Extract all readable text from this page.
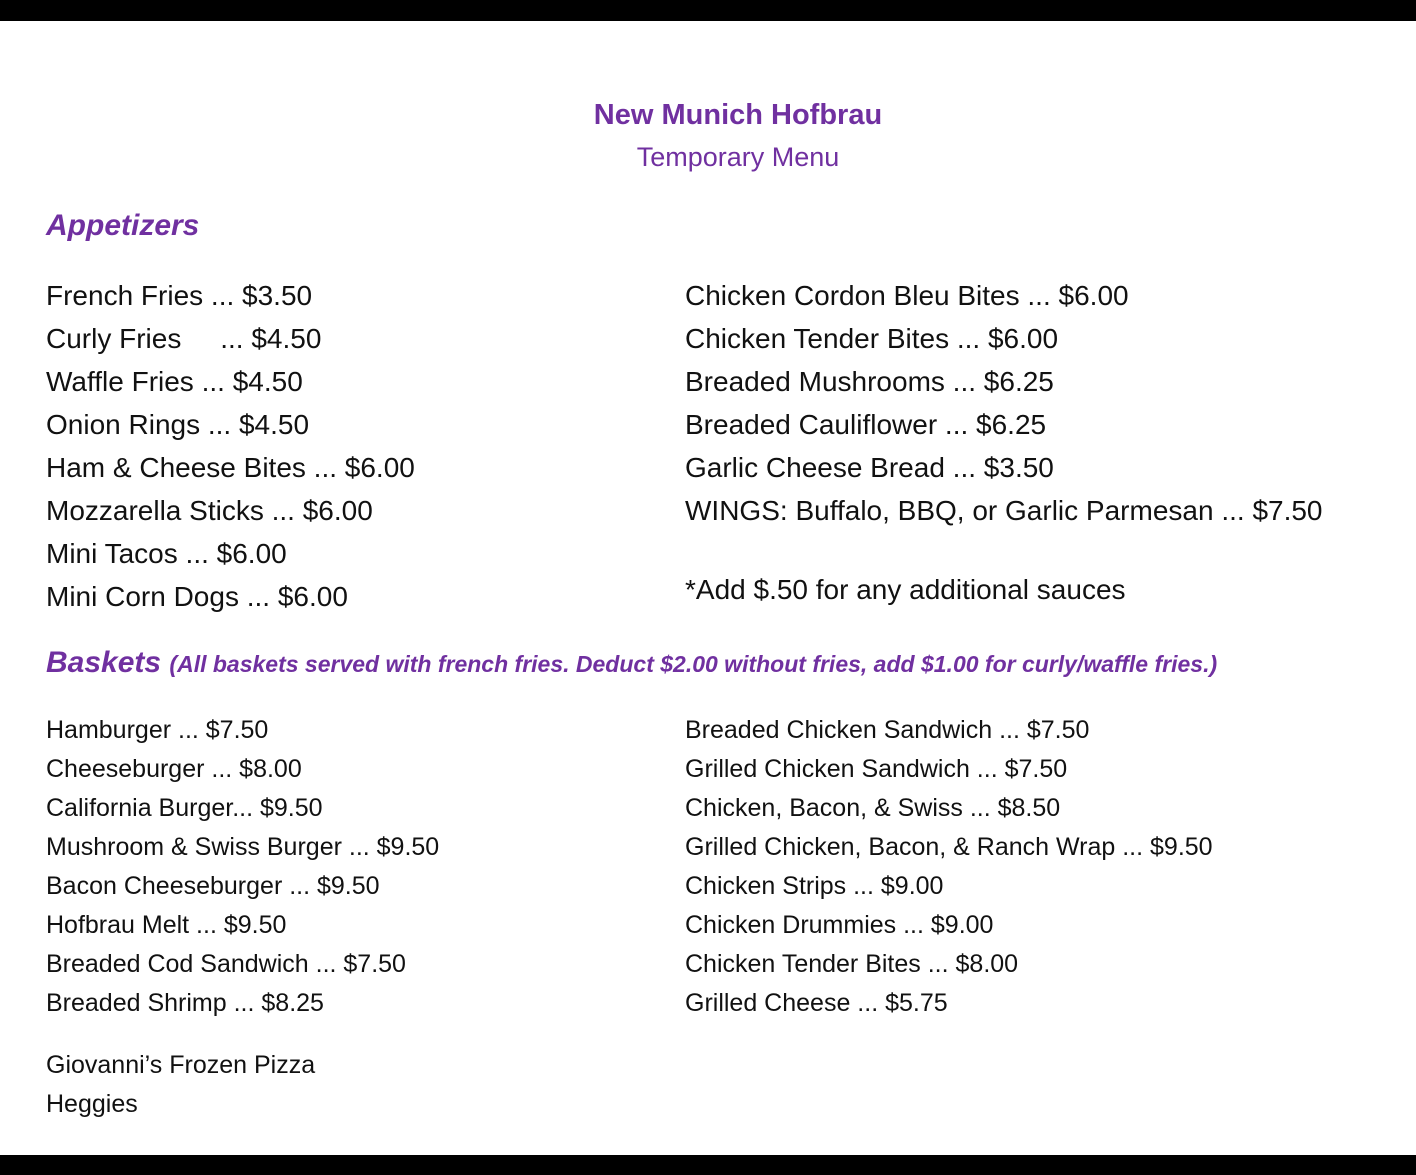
New Munich Hofbrau
Temporary Menu
Appetizers
French Fries ... $3.50
Curly Fries     ... $4.50
Waffle Fries ... $4.50
Onion Rings ... $4.50
Ham & Cheese Bites ... $6.00
Mozzarella Sticks ... $6.00
Mini Tacos ... $6.00
Mini Corn Dogs ... $6.00
Chicken Cordon Bleu Bites ... $6.00
Chicken Tender Bites ... $6.00
Breaded Mushrooms ... $6.25
Breaded Cauliflower ... $6.25
Garlic Cheese Bread ... $3.50
WINGS: Buffalo, BBQ, or Garlic Parmesan ... $7.50
*Add $.50 for any additional sauces
Baskets (All baskets served with french fries. Deduct $2.00 without fries, add $1.00 for curly/waffle fries.)
Hamburger ... $7.50
Cheeseburger ... $8.00
California Burger... $9.50
Mushroom & Swiss Burger ... $9.50
Bacon Cheeseburger ... $9.50
Hofbrau Melt ... $9.50
Breaded Cod Sandwich ... $7.50
Breaded Shrimp ... $8.25
Breaded Chicken Sandwich ... $7.50
Grilled Chicken Sandwich ... $7.50
Chicken, Bacon, & Swiss ... $8.50
Grilled Chicken, Bacon, & Ranch Wrap ... $9.50
Chicken Strips ... $9.00
Chicken Drummies ... $9.00
Chicken Tender Bites ... $8.00
Grilled Cheese ... $5.75
Giovanni’s Frozen Pizza
Heggies
